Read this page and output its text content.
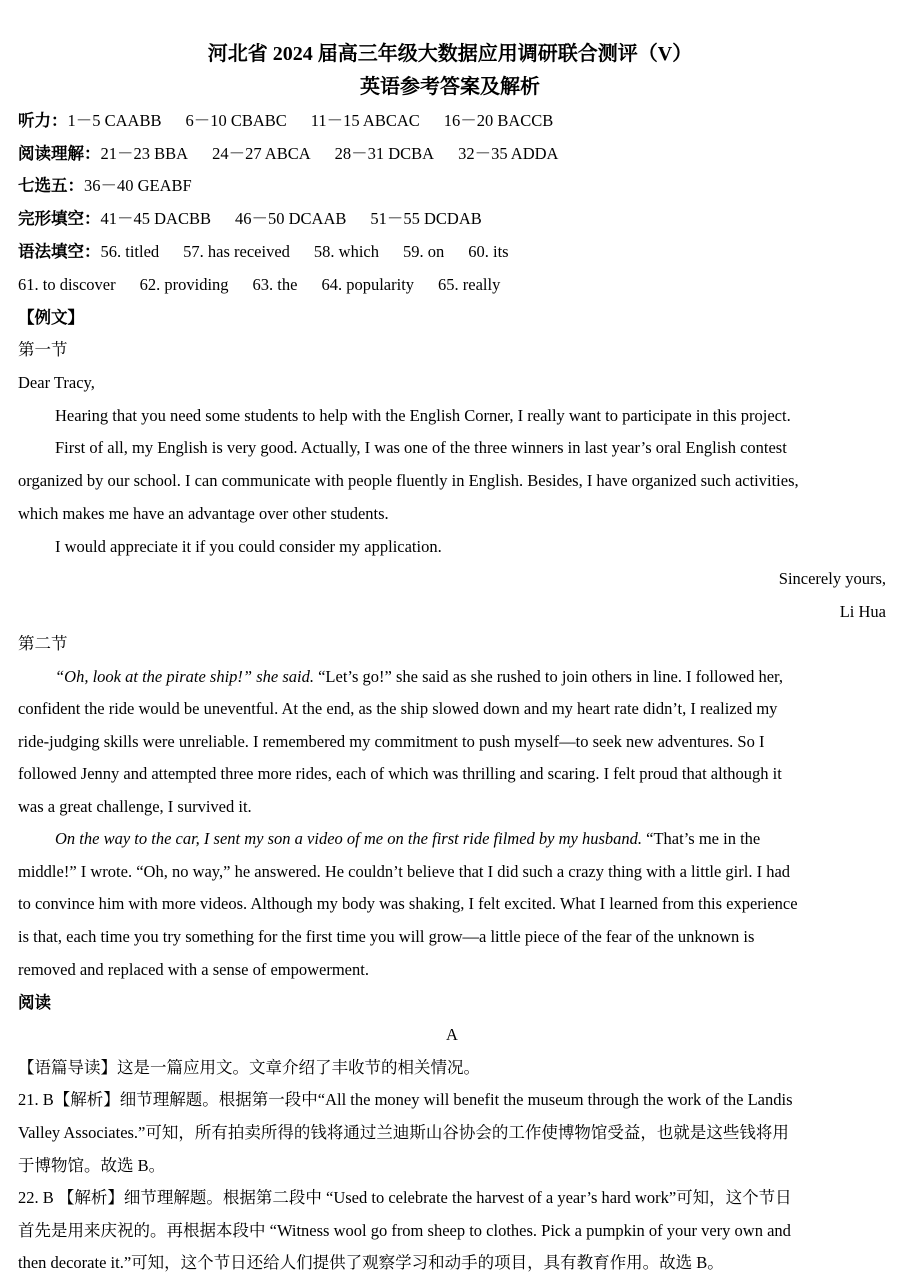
河北省 2024 届高三年级大数据应用调研联合测评（V）
英语参考答案及解析
听力：1－5 CAABB 6－10 CBABC 11－15 ABCAC 16－20 BACCB
阅读理解：21－23 BBA 24－27 ABCA 28－31 DCBA 32－35 ADDA
七选五：36－40 GEABF
完形填空：41－45 DACBB 46－50 DCAAB 51－55 DCDAB
语法填空：56. titled 57. has received 58. which 59. on 60. its
61. to discover 62. providing 63. the 64. popularity 65. really
【例文】
第一节
Dear Tracy,
Hearing that you need some students to help with the English Corner, I really want to participate in this project.
First of all, my English is very good. Actually, I was one of the three winners in last year’s oral English contest
organized by our school. I can communicate with people fluently in English. Besides, I have organized such activities,
which makes me have an advantage over other students.
I would appreciate it if you could consider my application.
Sincerely yours,
Li Hua
第二节
“Oh, look at the pirate ship!” she said. “Let’s go!” she said as she rushed to join others in line. I followed her,
confident the ride would be uneventful. At the end, as the ship slowed down and my heart rate didn’t, I realized my
ride-judging skills were unreliable. I remembered my commitment to push myself—to seek new adventures. So I
followed Jenny and attempted three more rides, each of which was thrilling and scaring. I felt proud that although it
was a great challenge, I survived it.
On the way to the car, I sent my son a video of me on the first ride filmed by my husband. “That’s me in the
middle!” I wrote. “Oh, no way,” he answered. He couldn’t believe that I did such a crazy thing with a little girl. I had
to convince him with more videos. Although my body was shaking, I felt excited. What I learned from this experience
is that, each time you try something for the first time you will grow—a little piece of the fear of the unknown is
removed and replaced with a sense of empowerment.
阅读
A
【语篇导读】这是一篇应用文。文章介绍了丰收节的相关情况。
21. B【解析】细节理解题。根据第一段中“All the money will benefit the museum through the work of the Landis
Valley Associates.”可知，所有拍卖所得的钱将通过兰迪斯山谷协会的工作使博物馆受益，也就是这些钱将用
于博物馆。故选 B。
22. B 【解析】细节理解题。根据第二段中 “Used to celebrate the harvest of a year’s hard work”可知，这个节日
首先是用来庆祝的。再根据本段中 “Witness wool go from sheep to clothes. Pick a pumpkin of your very own and
then decorate it.”可知，这个节日还给人们提供了观察学习和动手的项目，具有教育作用。故选 B。
